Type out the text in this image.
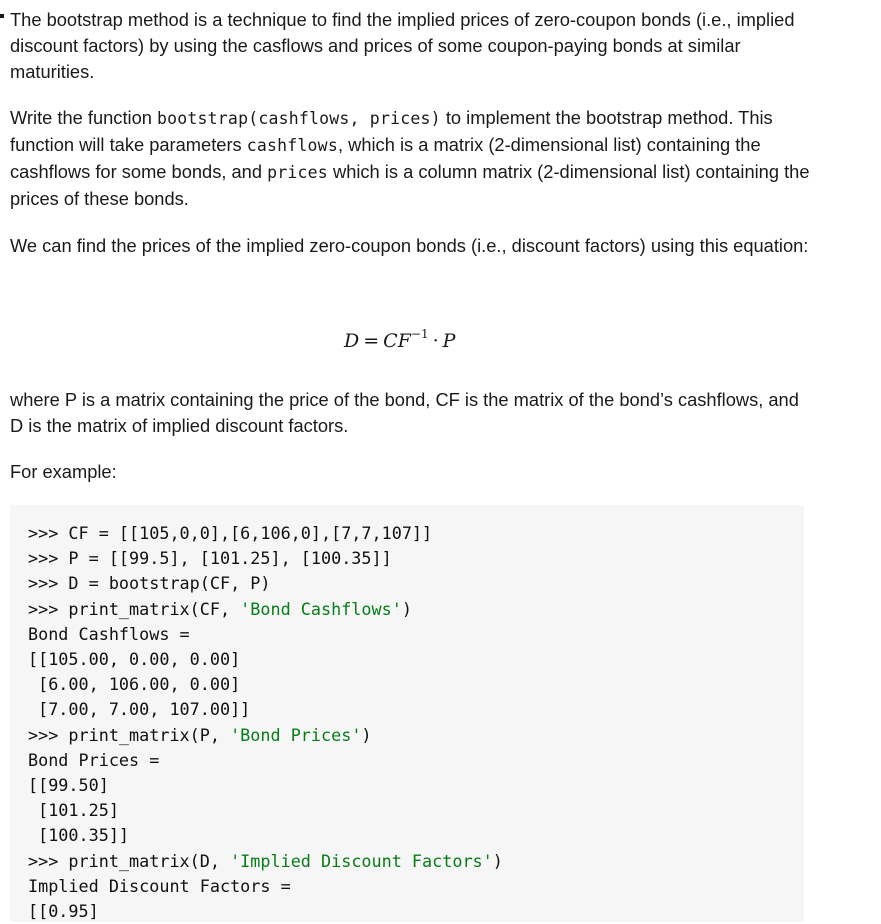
The bootstrap method is a technique to find the implied prices of zero-coupon bonds (i.e., implied discount factors) by using the casflows and prices of some coupon-paying bonds at similar maturities.

Write the function bootstrap(cashflows, prices) to implement the bootstrap method. This function will take parameters cashflows, which is a matrix (2-dimensional list) containing the cashflows for some bonds, and prices which is a column matrix (2-dimensional list) containing the prices of these bonds.

We can find the prices of the implied zero-coupon bonds (i.e., discount factors) using this equation:

$D = CF^{-1} \cdot P$

where P is a matrix containing the price of the bond, CF is the matrix of the bond’s cashflows, and D is the matrix of implied discount factors.

For example:

>>> CF = [[105,0,0],[6,106,0],[7,7,107]]
>>> P = [[99.5], [101.25], [100.35]]
>>> D = bootstrap(CF, P)
>>> print_matrix(CF, 'Bond Cashflows')
Bond Cashflows =
[[105.00, 0.00, 0.00]
[6.00, 106.00, 0.00]
[7.00, 7.00, 107.00]]
>>> print_matrix(P, 'Bond Prices')
Bond Prices =
[[99.50]
[101.25]
[100.35]]
>>> print_matrix(D, 'Implied Discount Factors')
Implied Discount Factors =
[[0.95]
